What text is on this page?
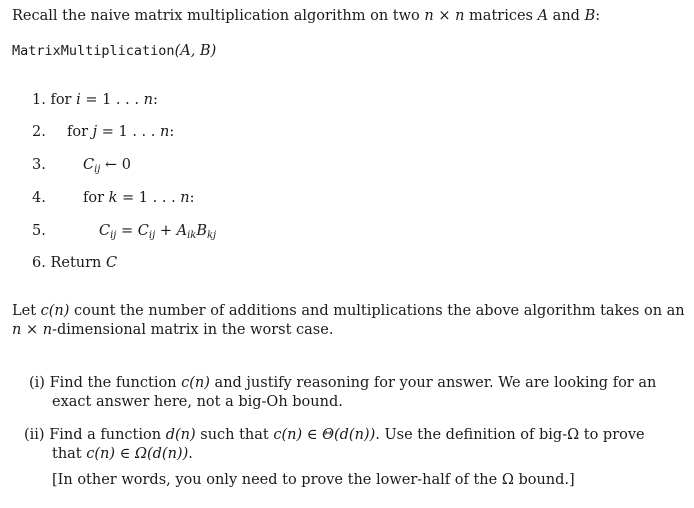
Recall the naive matrix multiplication algorithm on two n × n matrices A and B:
MatrixMultiplication(A, B)
1. for i = 1 . . . n:
2. for j = 1 . . . n:
3.	$C_{ij}$ ← 0
4.	for k = 1 . . . n:
5.	$C_{ij} = C_{ij} + A_{ik}B_{kj}$
6. Return C
Let c(n) count the number of additions and multiplications the above algorithm takes on an
n × n-dimensional matrix in the worst case.
(i) Find the function c(n) and justify reasoning for your answer. We are looking for an
exact answer here, not a big-Oh bound.
(ii) Find a function d(n) such that c(n) ∈ Θ(d(n)). Use the definition of big-Ω to prove
that c(n) ∈ Ω(d(n)).
[In other words, you only need to prove the lower-half of the Ω bound.]
